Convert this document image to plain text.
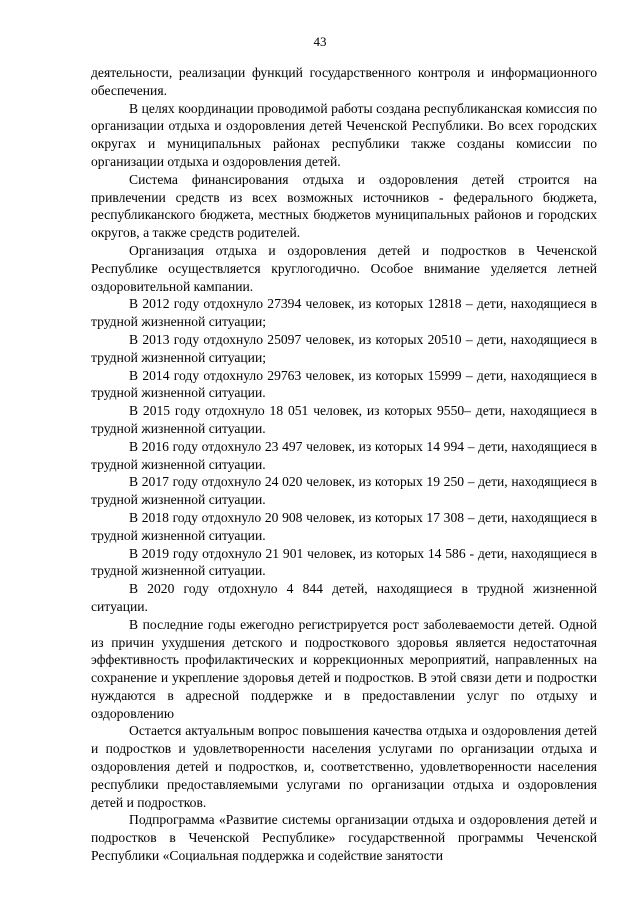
43

деятельности, реализации функций государственного контроля и информационного обеспечения.

В целях координации проводимой работы создана республиканская комиссия по организации отдыха и оздоровления детей Чеченской Республики. Во всех городских округах и муниципальных районах республики также созданы комиссии по организации отдыха и оздоровления детей.

Система финансирования отдыха и оздоровления детей строится на привлечении средств из всех возможных источников - федерального бюджета, республиканского бюджета, местных бюджетов муниципальных районов и городских округов, а также средств родителей.

Организация отдыха и оздоровления детей и подростков в Чеченской Республике осуществляется круглогодично. Особое внимание уделяется летней оздоровительной кампании.

В 2012 году отдохнуло 27394 человек, из которых 12818 – дети, находящиеся в трудной жизненной ситуации;

В 2013 году отдохнуло 25097 человек, из которых 20510 – дети, находящиеся в трудной жизненной ситуации;

В 2014 году отдохнуло 29763 человек, из которых 15999 – дети, находящиеся в трудной жизненной ситуации.

В 2015 году отдохнуло 18 051 человек, из которых 9550– дети, находящиеся в трудной жизненной ситуации.

В 2016 году отдохнуло 23 497 человек, из которых 14 994 – дети, находящиеся в трудной жизненной ситуации.

В 2017 году отдохнуло 24 020 человек, из которых 19 250 – дети, находящиеся в трудной жизненной ситуации.

В 2018 году отдохнуло 20 908 человек, из которых 17 308 – дети, находящиеся в трудной жизненной ситуации.

В 2019 году отдохнуло 21 901 человек, из которых 14 586 - дети, находящиеся в трудной жизненной ситуации.

В 2020 году отдохнуло 4 844 детей, находящиеся в трудной жизненной ситуации.

В последние годы ежегодно регистрируется рост заболеваемости детей. Одной из причин ухудшения детского и подросткового здоровья является недостаточная эффективность профилактических и коррекционных мероприятий, направленных на сохранение и укрепление здоровья детей и подростков. В этой связи дети и подростки нуждаются в адресной поддержке и в предоставлении услуг по отдыху и оздоровлению

Остается актуальным вопрос повышения качества отдыха и оздоровления детей и подростков и удовлетворенности населения услугами по организации отдыха и оздоровления детей и подростков, и, соответственно, удовлетворенности населения республики предоставляемыми услугами по организации отдыха и оздоровления детей и подростков.

Подпрограмма «Развитие системы организации отдыха и оздоровления детей и подростков в Чеченской Республике» государственной программы Чеченской Республики «Социальная поддержка и содействие занятости
